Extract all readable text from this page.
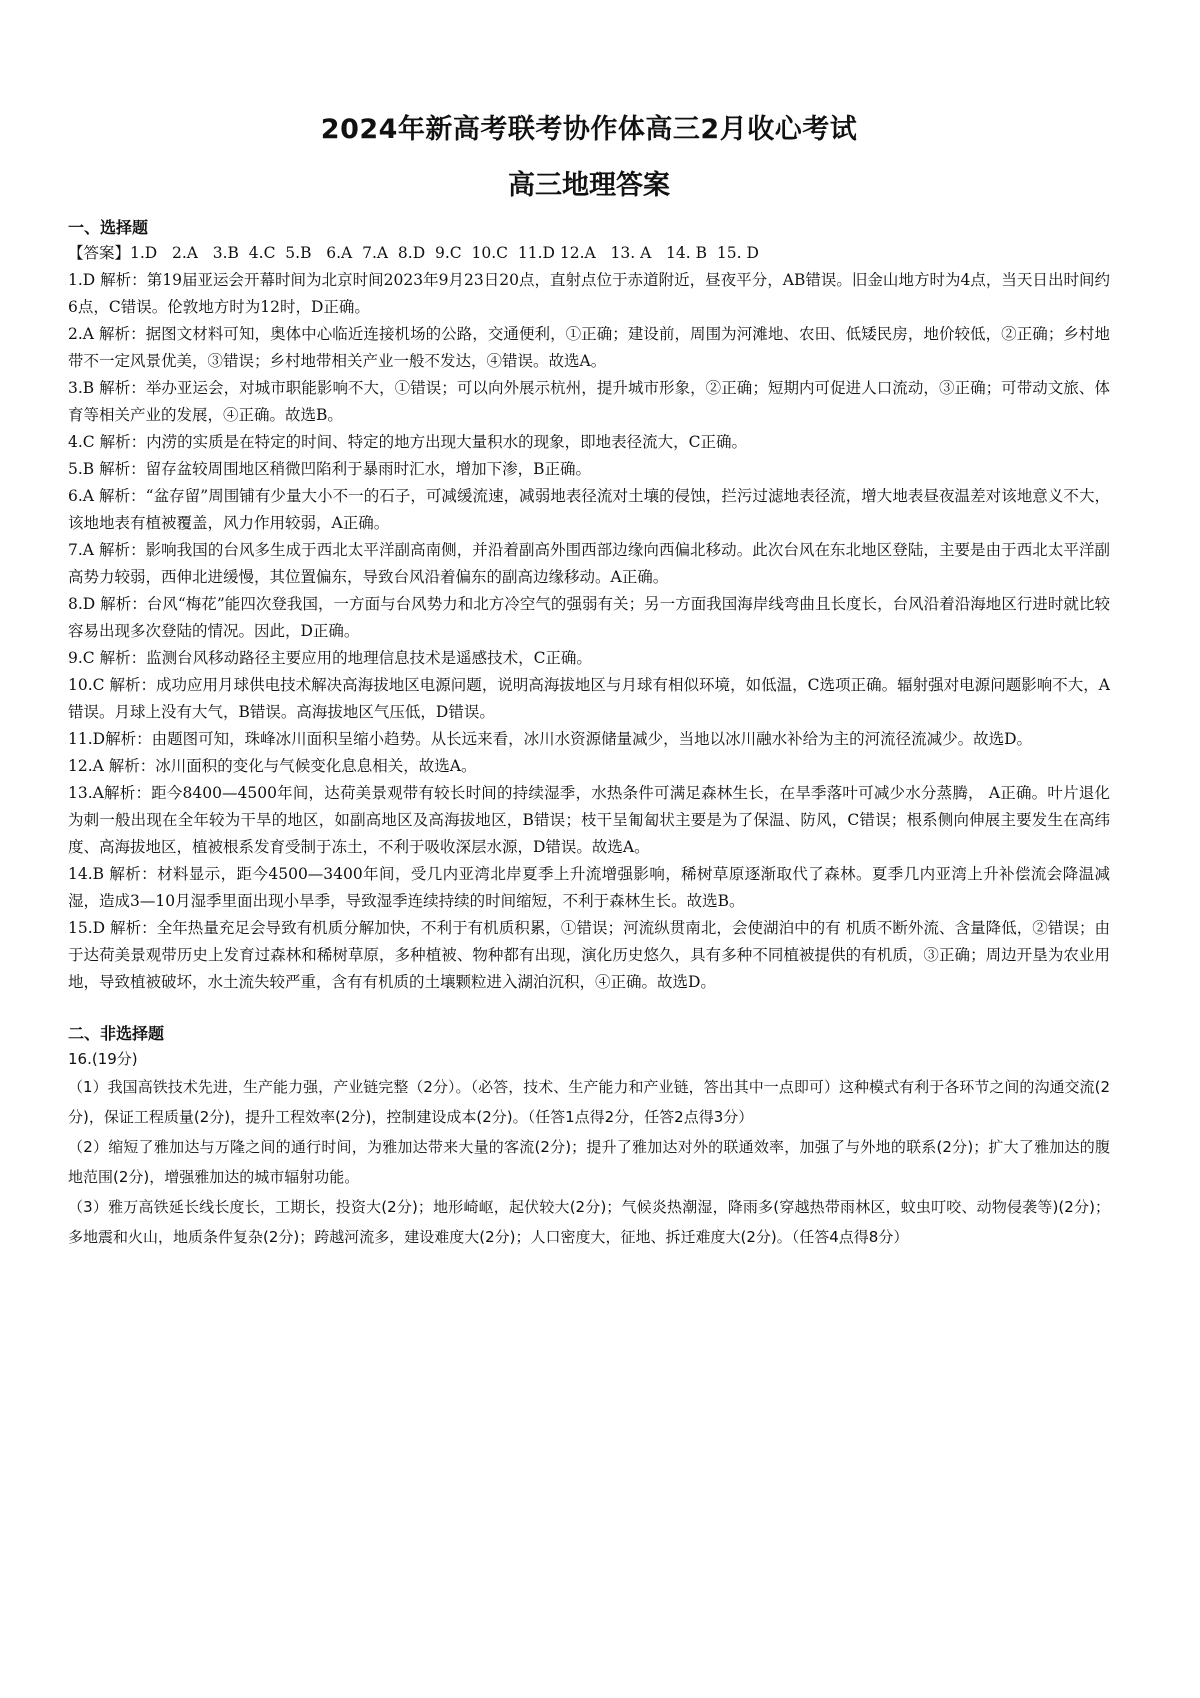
2024年新高考联考协作体高三2月收心考试
高三地理答案
一、选择题
【答案】1.D   2.A   3.B  4.C  5.B   6.A  7.A  8.D  9.C  10.C  11.D 12.A   13. A   14. B  15. D

1.D 解析：第19届亚运会开幕时间为北京时间2023年9月23日20点，直射点位于赤道附近，昼夜平分，AB错误。旧金山地方时为4点，当天日出时间约6点，C错误。伦敦地方时为12时，D正确。

2.A 解析：据图文材料可知，奥体中心临近连接机场的公路，交通便利，①正确；建设前，周围为河滩地、农田、低矮民房，地价较低，②正确；乡村地带不一定风景优美，③错误；乡村地带相关产业一般不发达，④错误。故选A。

3.B 解析：举办亚运会，对城市职能影响不大，①错误；可以向外展示杭州，提升城市形象，②正确；短期内可促进人口流动，③正确；可带动文旅、体育等相关产业的发展，④正确。故选B。

4.C 解析：内涝的实质是在特定的时间、特定的地方出现大量积水的现象，即地表径流大，C正确。

5.B 解析：留存盆较周围地区稍微凹陷利于暴雨时汇水，增加下渗，B正确。

6.A 解析：“盆存留”周围铺有少量大小不一的石子，可减缓流速，减弱地表径流对土壤的侵蚀，拦污过滤地表径流，增大地表昼夜温差对该地意义不大，该地地表有植被覆盖，风力作用较弱，A正确。

7.A 解析：影响我国的台风多生成于西北太平洋副高南侧，并沿着副高外围西部边缘向西偏北移动。此次台风在东北地区登陆，主要是由于西北太平洋副高势力较弱，西伸北进缓慢，其位置偏东，导致台风沿着偏东的副高边缘移动。A正确。

8.D 解析：台风“梅花”能四次登我国，一方面与台风势力和北方冷空气的强弱有关；另一方面我国海岸线弯曲且长度长，台风沿着沿海地区行进时就比较容易出现多次登陆的情况。因此，D正确。

9.C 解析：监测台风移动路径主要应用的地理信息技术是遥感技术，C正确。

10.C 解析：成功应用月球供电技术解决高海拔地区电源问题，说明高海拔地区与月球有相似环境，如低温，C选项正确。辐射强对电源问题影响不大，A错误。月球上没有大气，B错误。高海拔地区气压低，D错误。

11.D解析：由题图可知，珠峰冰川面积呈缩小趋势。从长远来看，冰川水资源储量减少，当地以冰川融水补给为主的河流径流减少。故选D。

12.A 解析：冰川面积的变化与气候变化息息相关，故选A。

13.A解析：距今8400—4500年间，达荷美景观带有较长时间的持续湿季，水热条件可满足森林生长，在旱季落叶可减少水分蒸腾， A正确。叶片退化为刺一般出现在全年较为干旱的地区，如副高地区及高海拔地区，B错误；枝干呈匍匐状主要是为了保温、防风，C错误；根系侧向伸展主要发生在高纬度、高海拔地区，植被根系发育受制于冻土，不利于吸收深层水源，D错误。故选A。

14.B 解析：材料显示，距今4500—3400年间，受几内亚湾北岸夏季上升流增强影响，稀树草原逐渐取代了森林。夏季几内亚湾上升补偿流会降温减湿，造成3—10月湿季里面出现小旱季，导致湿季连续持续的时间缩短，不利于森林生长。故选B。

15.D 解析：全年热量充足会导致有机质分解加快，不利于有机质积累，①错误；河流纵贯南北，会使湖泊中的有 机质不断外流、含量降低，②错误；由于达荷美景观带历史上发育过森林和稀树草原，多种植被、物种都有出现，演化历史悠久，具有多种不同植被提供的有机质，③正确；周边开垦为农业用地，导致植被破坏，水土流失较严重，含有有机质的土壤颗粒进入湖泊沉积，④正确。故选D。

二、非选择题

16.(19分)

（1）我国高铁技术先进，生产能力强，产业链完整（2分）。（必答，技术、生产能力和产业链，答出其中一点即可）这种模式有利于各环节之间的沟通交流(2分)，保证工程质量(2分)，提升工程效率(2分)，控制建设成本(2分)。（任答1点得2分，任答2点得3分）

（2）缩短了雅加达与万隆之间的通行时间，为雅加达带来大量的客流(2分)；提升了雅加达对外的联通效率，加强了与外地的联系(2分)；扩大了雅加达的腹地范围(2分)，增强雅加达的城市辐射功能。

（3）雅万高铁延长线长度长，工期长，投资大(2分)；地形崎岖，起伏较大(2分)；气候炎热潮湿，降雨多(穿越热带雨林区，蚊虫叮咬、动物侵袭等)(2分)；多地震和火山，地质条件复杂(2分)；跨越河流多，建设难度大(2分)；人口密度大，征地、拆迁难度大(2分)。（任答4点得8分）
